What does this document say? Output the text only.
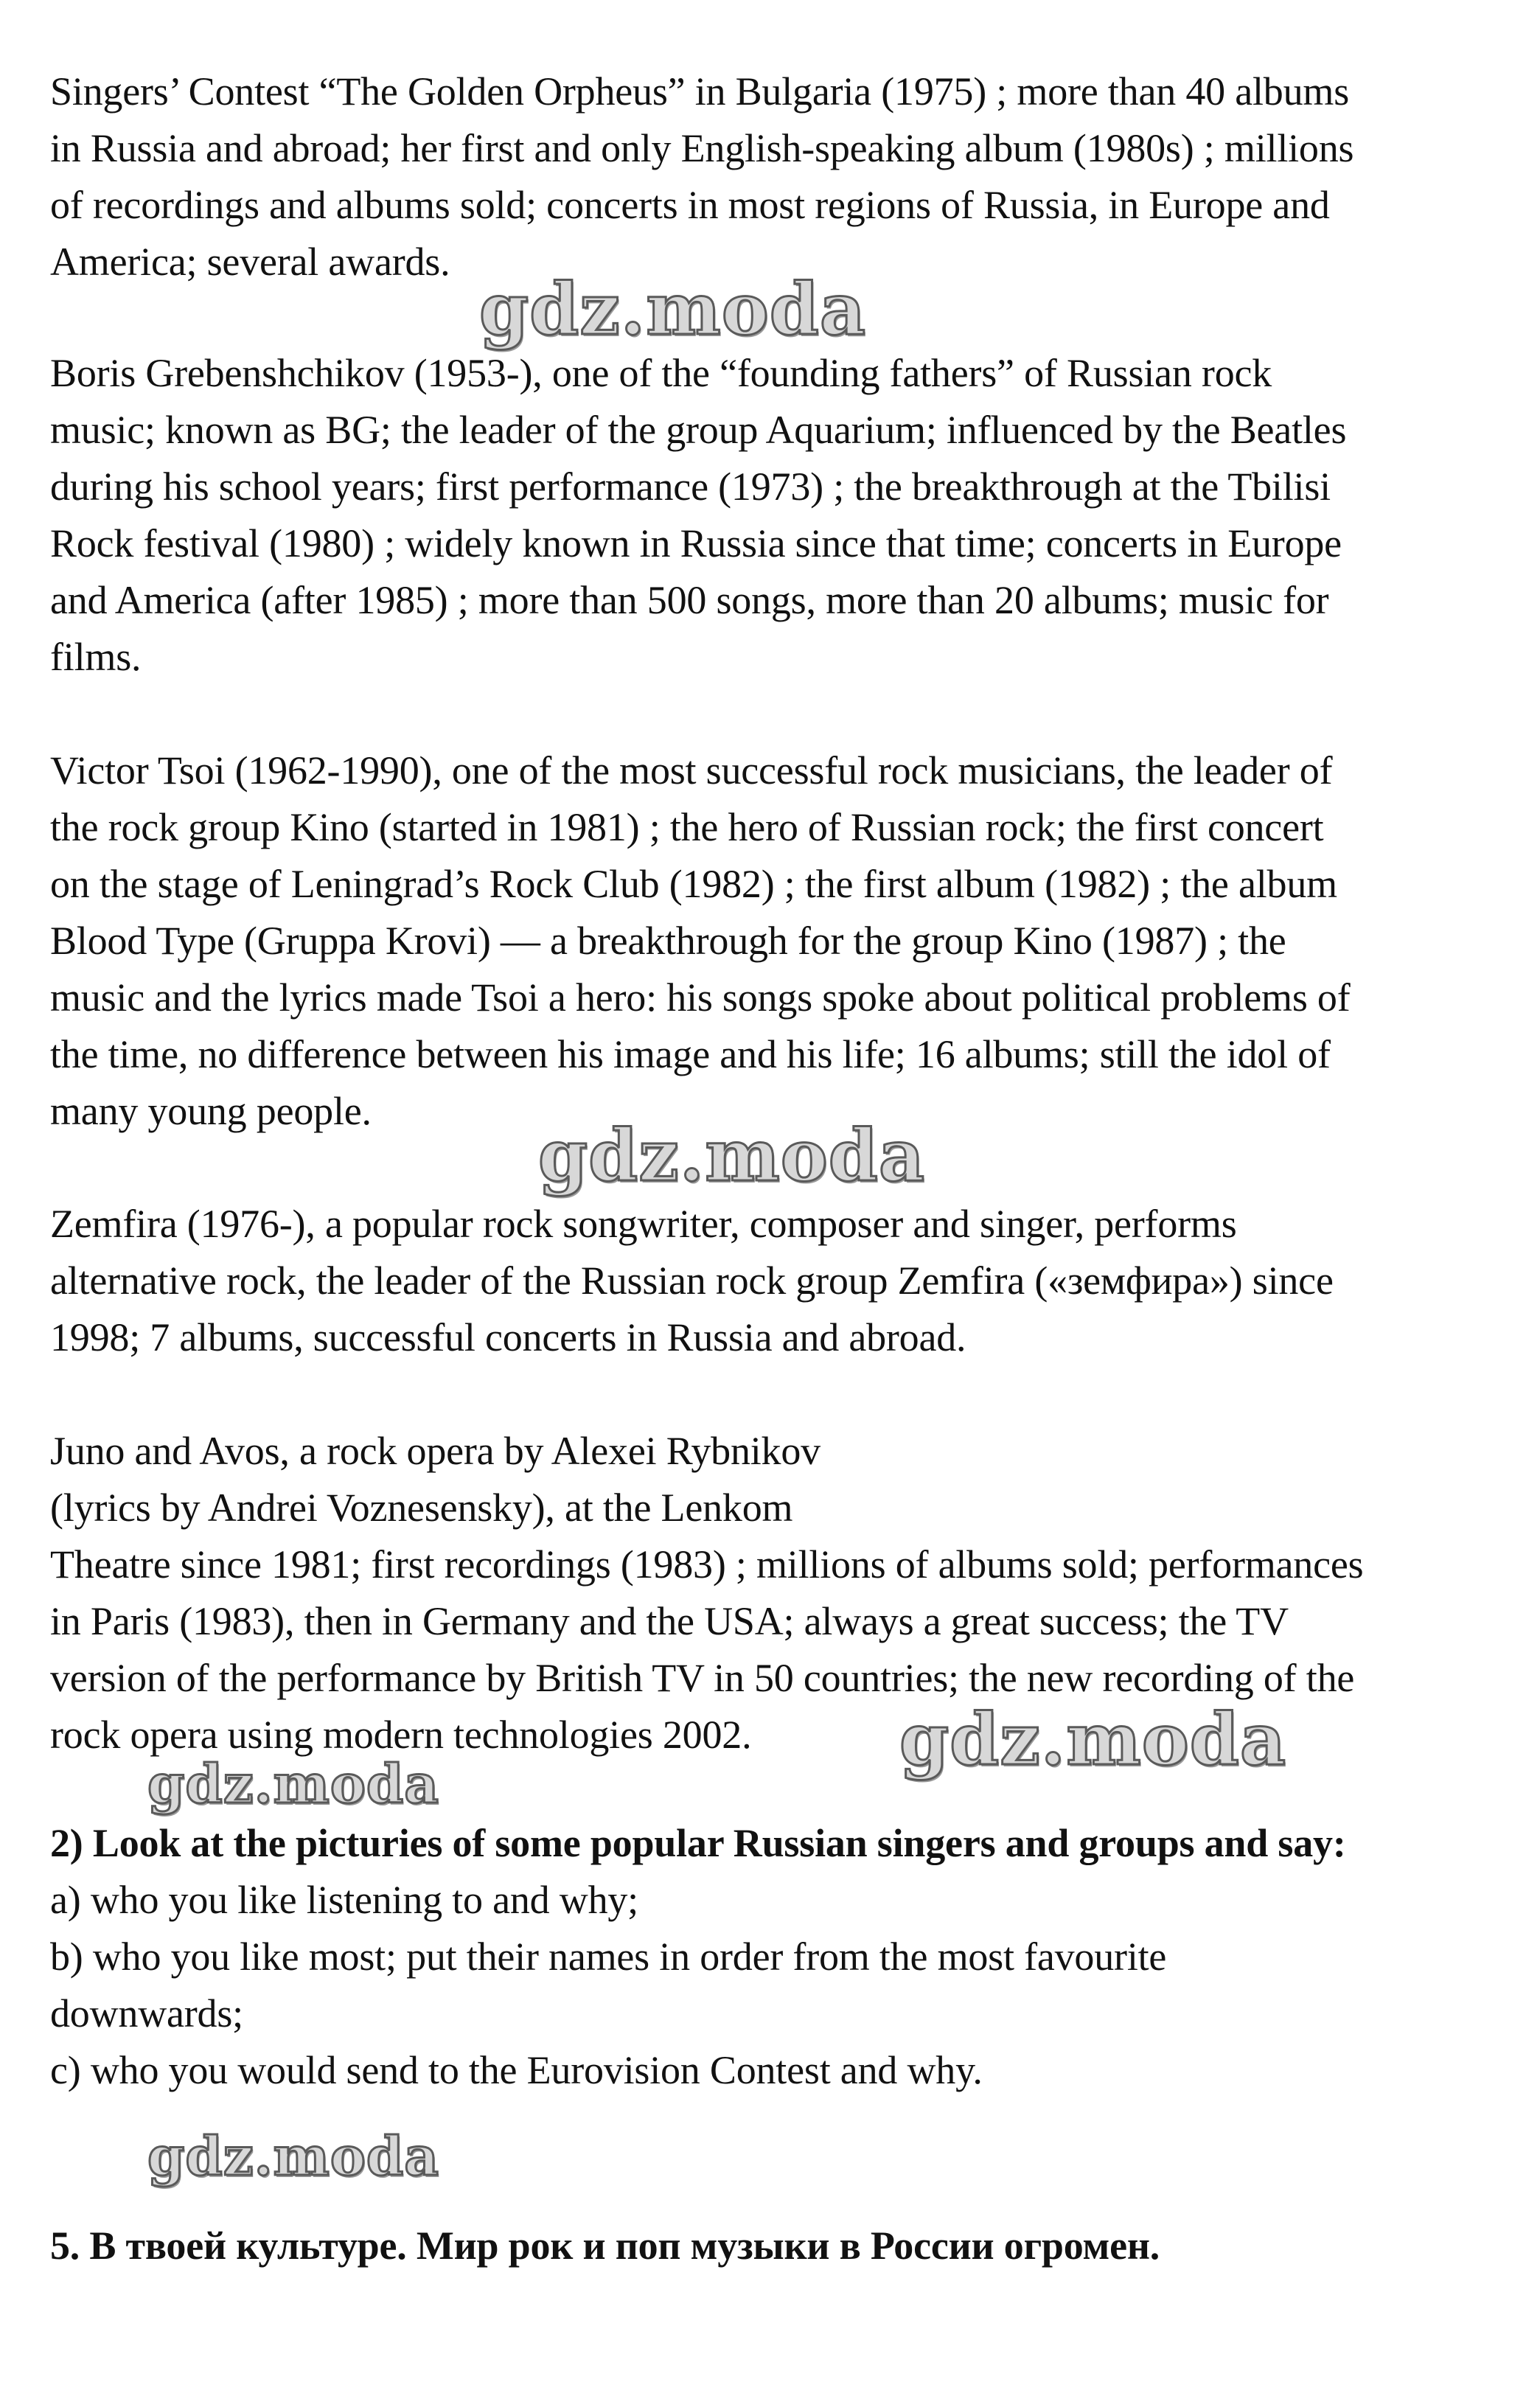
Singers’ Contest “The Golden Orpheus” in Bulgaria (1975) ; more than 40 albums
in Russia and abroad; her first and only English-speaking album (1980s) ; millions
of recordings and albums sold; concerts in most regions of Russia, in Europe and
America; several awards.
gdz.moda
Boris Grebenshchikov (1953-), one of the “founding fathers” of Russian rock
music; known as BG; the leader of the group Aquarium; influenced by the Beatles
during his school years; first performance (1973) ; the breakthrough at the Tbilisi
Rock festival (1980) ; widely known in Russia since that time; concerts in Europe
and America (after 1985) ; more than 500 songs, more than 20 albums; music for
films.
Victor Tsoi (1962-1990), one of the most successful rock musicians, the leader of
the rock group Kino (started in 1981) ; the hero of Russian rock; the first concert
on the stage of Leningrad’s Rock Club (1982) ; the first album (1982) ; the album
Blood Type (Gruppa Krovi) — a breakthrough for the group Kino (1987) ; the
music and the lyrics made Tsoi a hero: his songs spoke about political problems of
the time, no difference between his image and his life; 16 albums; still the idol of
many young people.
gdz.moda
Zemfira (1976-), a popular rock songwriter, composer and singer, performs
alternative rock, the leader of the Russian rock group Zemfira («земфира») since
1998; 7 albums, successful concerts in Russia and abroad.
Juno and Avos, a rock opera by Alexei Rybnikov
(lyrics by Andrei Voznesensky), at the Lenkom
Theatre since 1981; first recordings (1983) ; millions of albums sold; performances
in Paris (1983), then in Germany and the USA; always a great success; the TV
version of the performance by British TV in 50 countries; the new recording of the
rock opera using modern technologies 2002. gdz.moda
gdz.moda
2) Look at the picturies of some popular Russian singers and groups and say:
a) who you like listening to and why;
b) who you like most; put their names in order from the most favourite
downwards;
c) who you would send to the Eurovision Contest and why.
gdz.moda
5. В твоей культуре. Мир рок и поп музыки в России огромен.
